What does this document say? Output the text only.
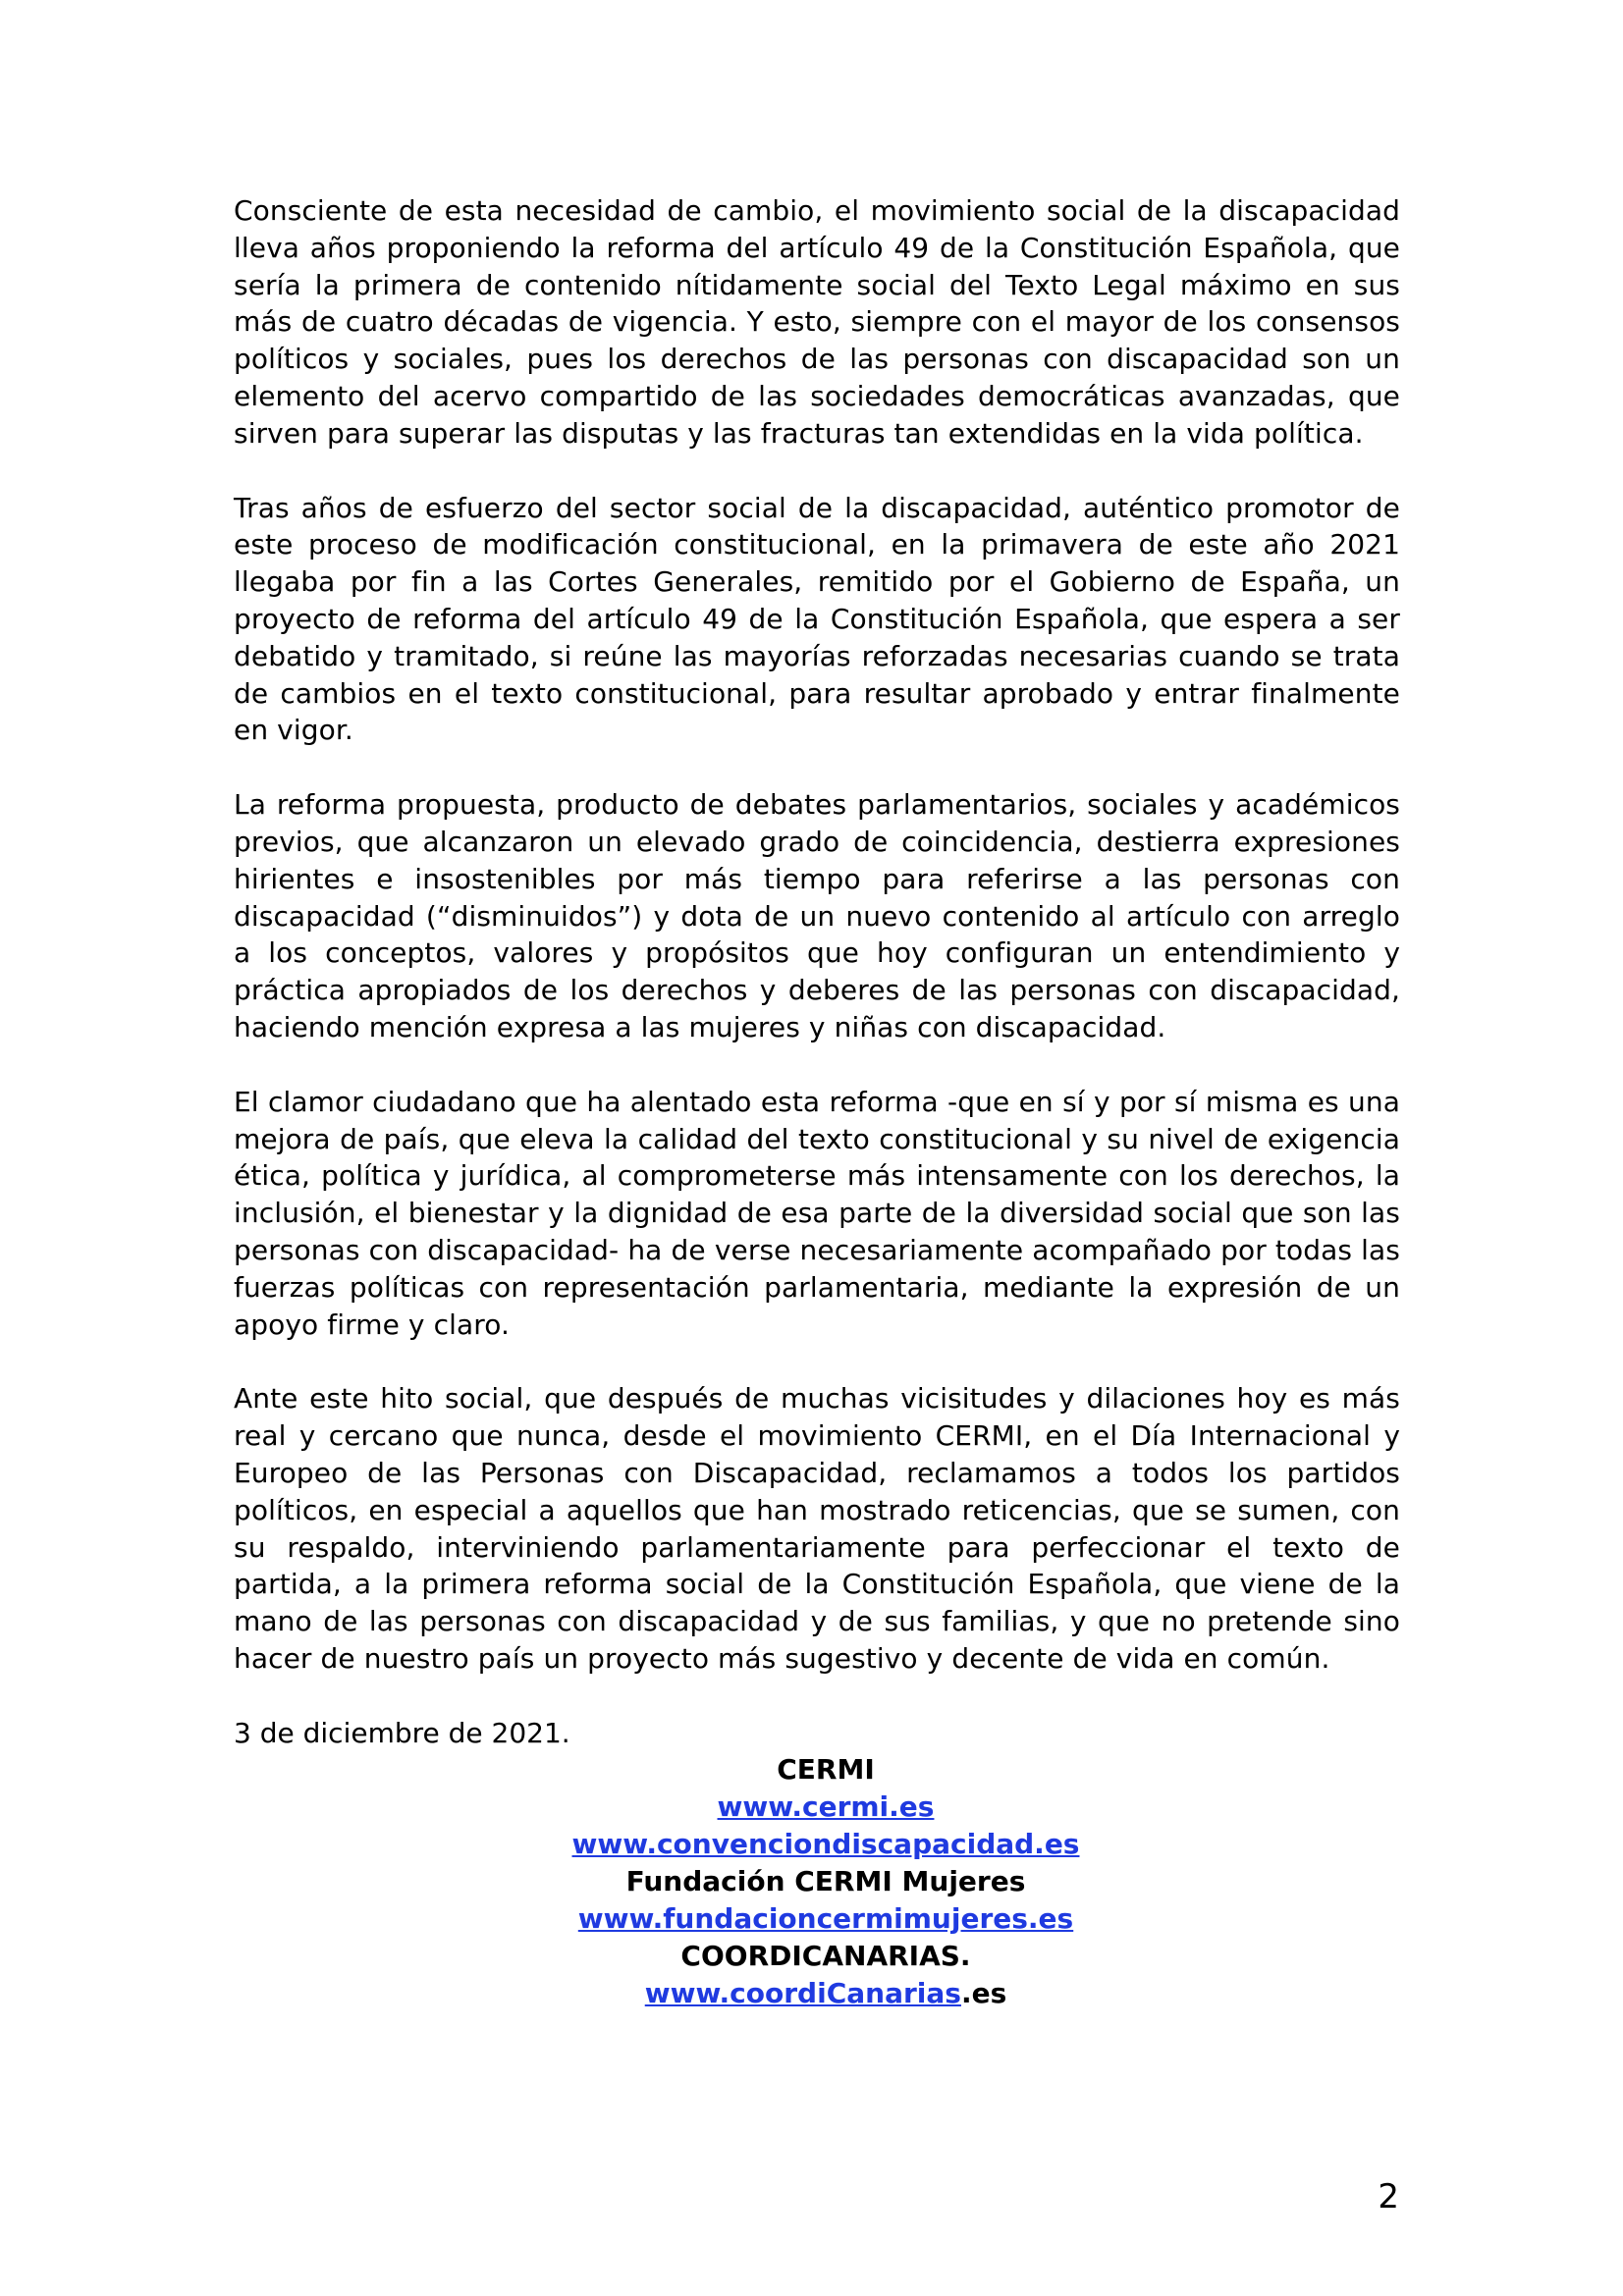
Consciente de esta necesidad de cambio, el movimiento social de la discapacidad lleva años proponiendo la reforma del artículo 49 de la Constitución Española, que sería la primera de contenido nítidamente social del Texto Legal máximo en sus más de cuatro décadas de vigencia. Y esto, siempre con el mayor de los consensos políticos y sociales, pues los derechos de las personas con discapacidad son un elemento del acervo compartido de las sociedades democráticas avanzadas, que sirven para superar las disputas y las fracturas tan extendidas en la vida política.

Tras años de esfuerzo del sector social de la discapacidad, auténtico promotor de este proceso de modificación constitucional, en la primavera de este año 2021 llegaba por fin a las Cortes Generales, remitido por el Gobierno de España, un proyecto de reforma del artículo 49 de la Constitución Española, que espera a ser debatido y tramitado, si reúne las mayorías reforzadas necesarias cuando se trata de cambios en el texto constitucional, para resultar aprobado y entrar finalmente en vigor.

La reforma propuesta, producto de debates parlamentarios, sociales y académicos previos, que alcanzaron un elevado grado de coincidencia, destierra expresiones hirientes e insostenibles por más tiempo para referirse a las personas con discapacidad (“disminuidos”) y dota de un nuevo contenido al artículo con arreglo a los conceptos, valores y propósitos que hoy configuran un entendimiento y práctica apropiados de los derechos y deberes de las personas con discapacidad, haciendo mención expresa a las mujeres y niñas con discapacidad.

El clamor ciudadano que ha alentado esta reforma -que en sí y por sí misma es una mejora de país, que eleva la calidad del texto constitucional y su nivel de exigencia ética, política y jurídica, al comprometerse más intensamente con los derechos, la inclusión, el bienestar y la dignidad de esa parte de la diversidad social que son las personas con discapacidad- ha de verse necesariamente acompañado por todas las fuerzas políticas con representación parlamentaria, mediante la expresión de un apoyo firme y claro.

Ante este hito social, que después de muchas vicisitudes y dilaciones hoy es más real y cercano que nunca, desde el movimiento CERMI, en el Día Internacional y Europeo de las Personas con Discapacidad, reclamamos a todos los partidos políticos, en especial a aquellos que han mostrado reticencias, que se sumen, con su respaldo, interviniendo parlamentariamente para perfeccionar el texto de partida, a la primera reforma social de la Constitución Española, que viene de la mano de las personas con discapacidad y de sus familias, y que no pretende sino hacer de nuestro país un proyecto más sugestivo y decente de vida en común.

3 de diciembre de 2021.

CERMI
www.cermi.es
www.convenciondiscapacidad.es
Fundación CERMI Mujeres
www.fundacioncermimujeres.es
COORDICANARIAS.
www.coordiCanarias.es
2
